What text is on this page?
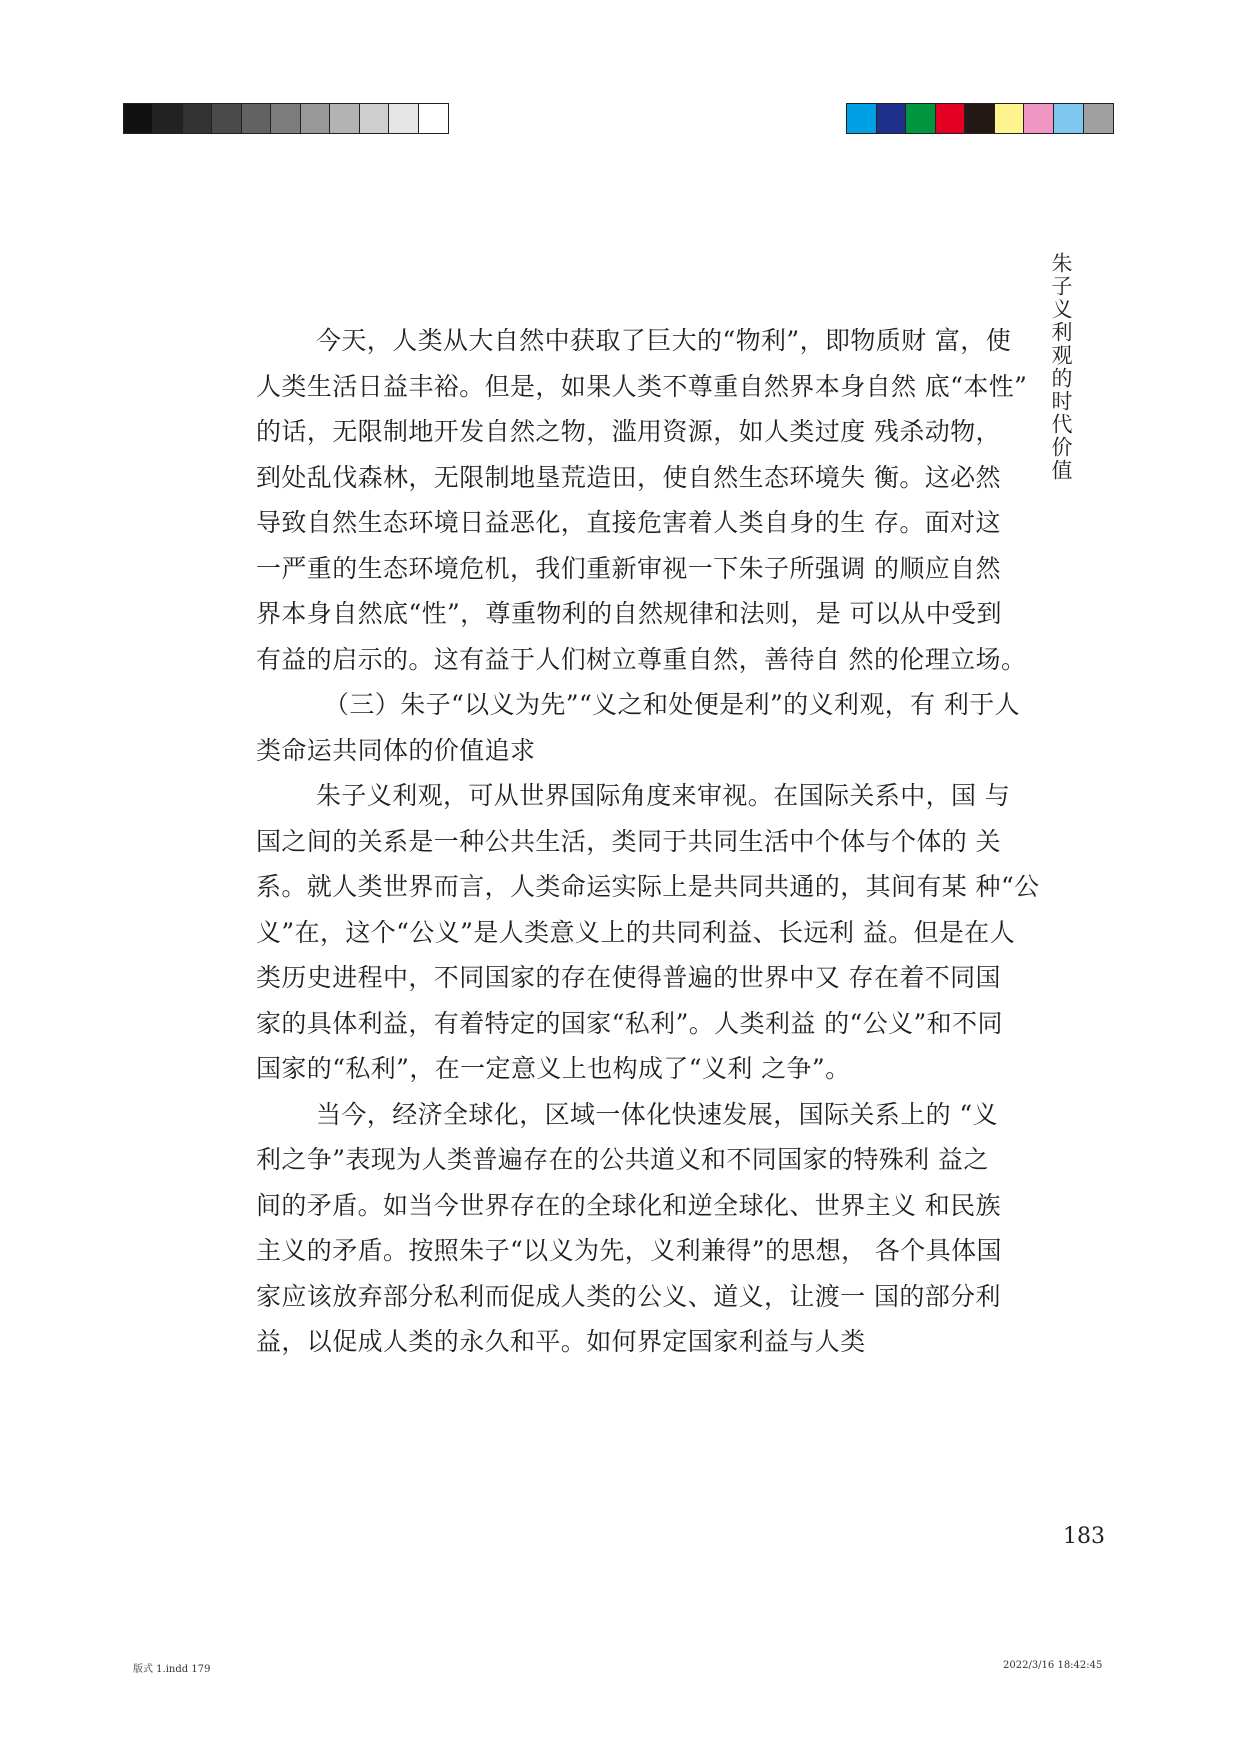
朱子义利观的时代价值
今天，人类从大自然中获取了巨大的“物利”，即物质财 富，使
人类生活日益丰裕。但是，如果人类不尊重自然界本身自然 底“本性”
的话，无限制地开发自然之物，滥用资源，如人类过度 残杀动物，
到处乱伐森林，无限制地垦荒造田，使自然生态环境失 衡。这必然
导致自然生态环境日益恶化，直接危害着人类自身的生 存。面对这
一严重的生态环境危机，我们重新审视一下朱子所强调 的顺应自然
界本身自然底“性”，尊重物利的自然规律和法则，是 可以从中受到
有益的启示的。这有益于人们树立尊重自然，善待自 然的伦理立场。
（三）朱子“以义为先”“义之和处便是利”的义利观，有 利于人
类命运共同体的价值追求
朱子义利观，可从世界国际角度来审视。在国际关系中，国 与
国之间的关系是一种公共生活，类同于共同生活中个体与个体的 关
系。就人类世界而言，人类命运实际上是共同共通的，其间有某 种“公
义”在，这个“公义”是人类意义上的共同利益、长远利 益。但是在人
类历史进程中，不同国家的存在使得普遍的世界中又 存在着不同国
家的具体利益，有着特定的国家“私利”。人类利益 的“公义”和不同
国家的“私利”，在一定意义上也构成了“义利 之争”。
当今，经济全球化，区域一体化快速发展，国际关系上的 “义
利之争”表现为人类普遍存在的公共道义和不同国家的特殊利 益之
间的矛盾。如当今世界存在的全球化和逆全球化、世界主义 和民族
主义的矛盾。按照朱子“以义为先，义利兼得”的思想， 各个具体国
家应该放弃部分私利而促成人类的公义、道义，让渡一 国的部分利
益，以促成人类的永久和平。如何界定国家利益与人类
183
版式 1.indd 179	2022/3/16 18:42:45
